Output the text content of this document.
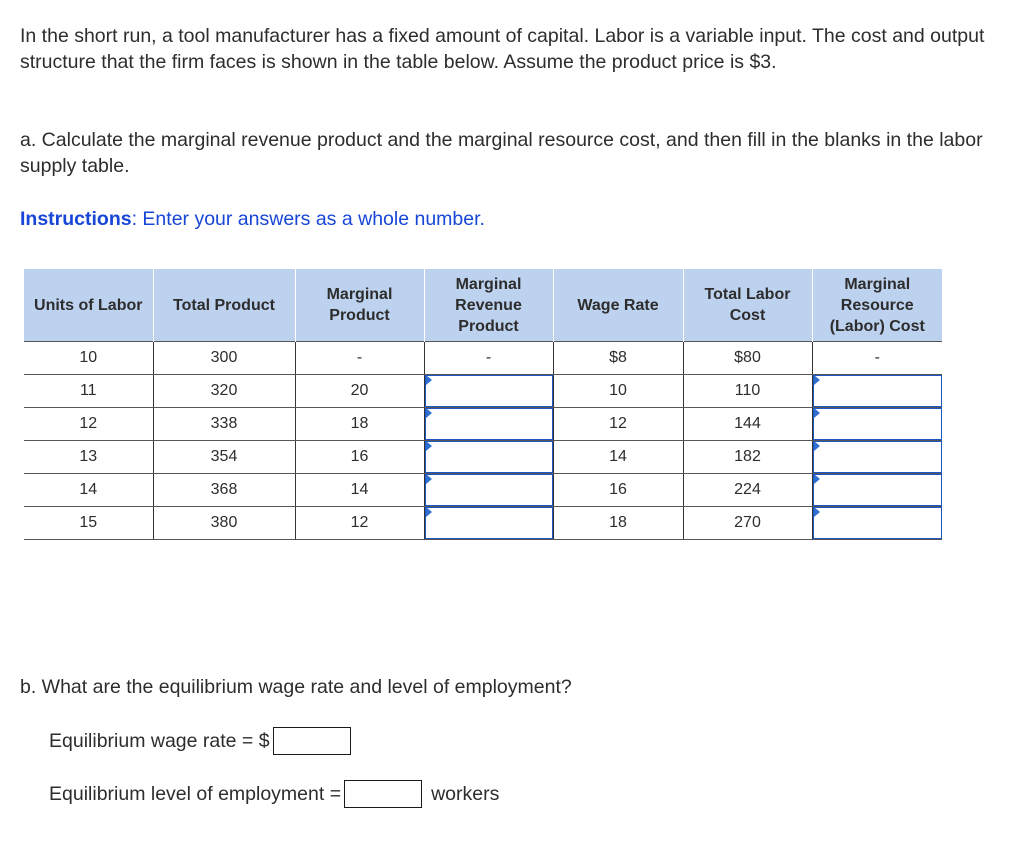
In the short run, a tool manufacturer has a fixed amount of capital. Labor is a variable input. The cost and output structure that the firm faces is shown in the table below. Assume the product price is $3.

a. Calculate the marginal revenue product and the marginal resource cost, and then fill in the blanks in the labor supply table.

Instructions: Enter your answers as a whole number.

Units of Labor	Total Product	Marginal Product	Marginal Revenue Product	Wage Rate	Total Labor Cost	Marginal Resource (Labor) Cost
10	300	-	-	$8	$80	-
11	320	20		10	110	

12	338	18		12	144	

13	354	16		14	182	

14	368	14		16	224	

15	380	12		18	270	
b. What are the equilibrium wage rate and level of employment?
Equilibrium wage rate = $
Equilibrium level of employment =	workers
